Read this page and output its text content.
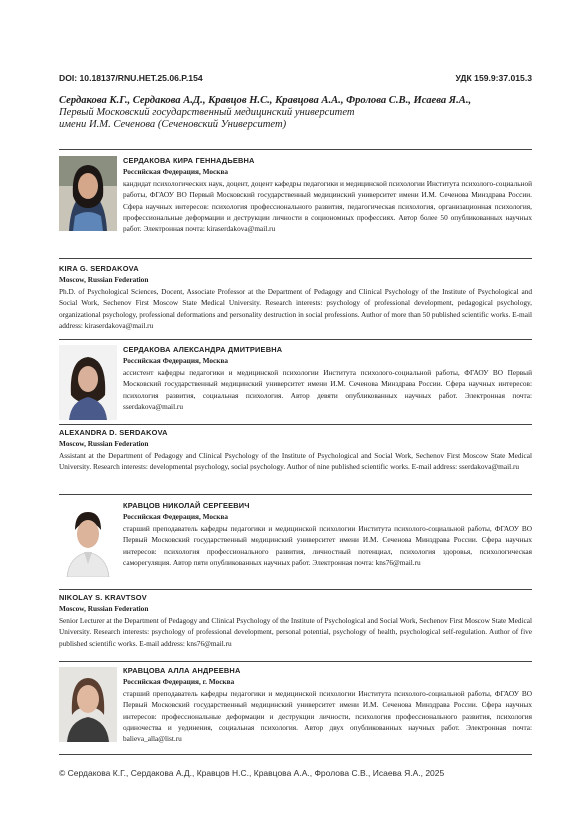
DOI: 10.18137/RNU.HET.25.06.P.154	УДК 159.9:37.015.3
Сердакова К.Г., Сердакова А.Д., Кравцов Н.С., Кравцова А.А., Фролова С.В., Исаева Я.А.,
Первый Московский государственный медицинский университет
имени И.М. Сеченова (Сеченовский Университет)

СЕРДАКОВА КИРА ГЕННАДЬЕВНА

Российская Федерация, Москва

кандидат психологических наук, доцент, доцент кафедры педагогики и медицинской психологии Института психолого-социальной работы, ФГАОУ ВО Первый Московский государственный медицинский университет имени И.М. Сеченова Минздрава России. Сфера научных интересов: психология профессионального развития, педагогическая психология, организационная психология, профессиональные деформации и деструкции личности в социономных профессиях. Автор более 50 опубликованных научных работ. Электронная почта: kiraserdakova@mail.ru

KIRA G. SERDAKOVA

Moscow, Russian Federation

Ph.D. of Psychological Sciences, Docent, Associate Professor at the Department of Pedagogy and Clinical Psychology of the Institute of Psychological and Social Work, Sechenov First Moscow State Medical University. Research interests: psychology of professional development, pedagogical psychology, organizational psychology, professional deformations and personality destruction in social professions. Author of more than 50 published scientific works. E-mail address: kiraserdakova@mail.ru

СЕРДАКОВА АЛЕКСАНДРА ДМИТРИЕВНА

Российская Федерация, Москва

ассистент кафедры педагогики и медицинской психологии Института психолого-социальной работы, ФГАОУ ВО Первый Московский государственный медицинский университет имени И.М. Сеченова Минздрава России. Сфера научных интересов: психология развития, социальная психология. Автор девяти опубликованных научных работ. Электронная почта: sserdakova@mail.ru

ALEXANDRA D. SERDAKOVA

Moscow, Russian Federation

Assistant at the Department of Pedagogy and Clinical Psychology of the Institute of Psychological and Social Work, Sechenov First Moscow State Medical University. Research interests: developmental psychology, social psychology. Author of nine published scientific works. E-mail address: sserdakova@mail.ru

КРАВЦОВ НИКОЛАЙ СЕРГЕЕВИЧ

Российская Федерация, Москва

старший преподаватель кафедры педагогики и медицинской психологии Института психолого-социальной работы, ФГАОУ ВО Первый Московский государственный медицинский университет имени И.М. Сеченова Минздрава России. Сфера научных интересов: психология профессионального развития, личностный потенциал, психология здоровья, психологическая саморегуляция. Автор пяти опубликованных научных работ. Электронная почта: kns76@mail.ru

NIKOLAY S. KRAVTSOV

Moscow, Russian Federation

Senior Lecturer at the Department of Pedagogy and Clinical Psychology of the Institute of Psychological and Social Work, Sechenov First Moscow State Medical University. Research interests: psychology of professional development, personal potential, psychology of health, psychological self-regulation. Author of five published scientific works. E-mail address: kns76@mail.ru

КРАВЦОВА АЛЛА АНДРЕЕВНА

Российская Федерация, г. Москва

старший преподаватель кафедры педагогики и медицинской психологии Института психолого-социальной работы, ФГАОУ ВО Первый Московский государственный медицинский университет имени И.М. Сеченова Минздрава России. Сфера научных интересов: профессиональные деформации и деструкции личности, психология профессионального развития, психология одиночества и уединения, социальная психология. Автор двух опубликованных научных работ. Электронная почта: balieva_alla@list.ru

© Сердакова К.Г., Сердакова А.Д., Кравцов Н.С., Кравцова А.А., Фролова С.В., Исаева Я.А., 2025
